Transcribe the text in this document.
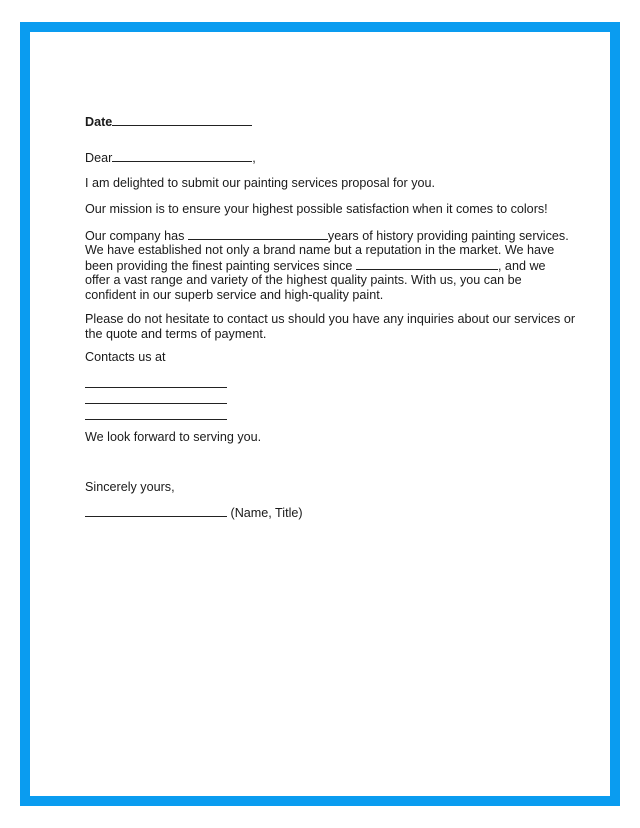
Date
Dear	,
I am delighted to submit our painting services proposal for you.
Our mission is to ensure your highest possible satisfaction when it comes to colors!
Our company has	years of history providing painting services.
We have established not only a brand name but a reputation in the market. We have
been providing the finest painting services since	, and we
offer a vast range and variety of the highest quality paints. With us, you can be
confident in our superb service and high-quality paint.
Please do not hesitate to contact us should you have any inquiries about our services or
the quote and terms of payment.
Contacts us at
We look forward to serving you.
Sincerely yours,
(Name, Title)
